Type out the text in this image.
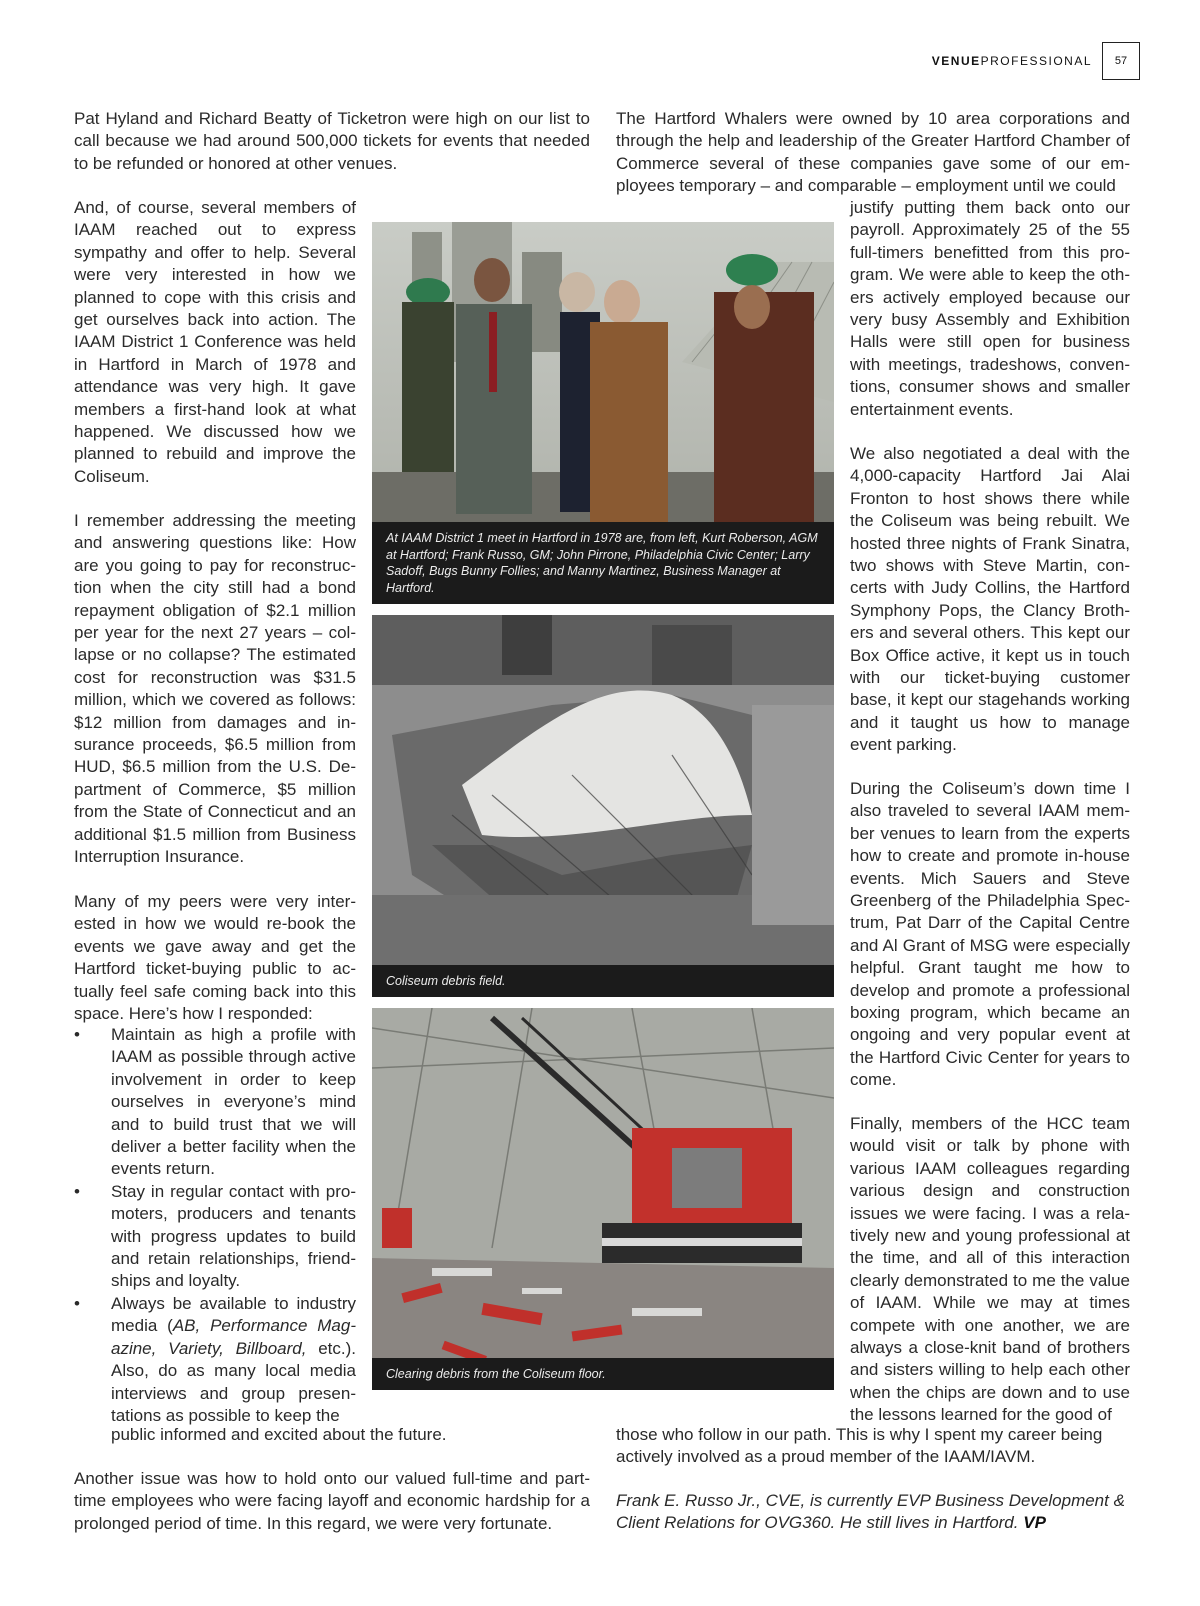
VENUEPROFESSIONAL	57

Pat Hyland and Richard Beatty of Ticketron were high on our list to call because we had around 500,000 tickets for events that needed to be refunded or honored at other venues.

And, of course, several members of IAAM reached out to express sympathy and offer to help. Several were very interested in how we planned to cope with this crisis and get ourselves back into action. The IAAM District 1 Conference was held in Hartford in March of 1978 and attendance was very high. It gave members a first-hand look at what happened. We discussed how we planned to rebuild and improve the Coliseum.

I remember addressing the meeting and answering questions like: How are you going to pay for reconstruction when the city still had a bond repayment obligation of $2.1 million per year for the next 27 years – collapse or no collapse? The estimated cost for reconstruction was $31.5 million, which we covered as follows: $12 million from damages and insurance proceeds, $6.5 million from HUD, $6.5 million from the U.S. Department of Commerce, $5 million from the State of Connecticut and an additional $1.5 million from Business Interruption Insurance.

Many of my peers were very interested in how we would re-book the events we gave away and get the Hartford ticket-buying public to actually feel safe coming back into this space. Here’s how I responded:

• Maintain as high a profile with IAAM as possible through active involvement in order to keep ourselves in everyone’s mind and to build trust that we will deliver a better facility when the events return.
• Stay in regular contact with promoters, producers and tenants with progress updates to build and retain relationships, friendships and loyalty.
• Always be available to industry media (AB, Performance Magazine, Variety, Billboard, etc.). Also, do as many local media interviews and group presentations as possible to keep the

public informed and excited about the future.

Another issue was how to hold onto our valued full-time and part-time employees who were facing layoff and economic hardship for a prolonged period of time. In this regard, we were very fortunate.

The Hartford Whalers were owned by 10 area corporations and through the help and leadership of the Greater Hartford Chamber of Commerce several of these companies gave some of our employees temporary – and comparable – employment until we could

justify putting them back onto our payroll. Approximately 25 of the 55 full-timers benefitted from this program. We were able to keep the others actively employed because our very busy Assembly and Exhibition Halls were still open for business with meetings, tradeshows, conventions, consumer shows and smaller entertainment events.

We also negotiated a deal with the 4,000-capacity Hartford Jai Alai Fronton to host shows there while the Coliseum was being rebuilt. We hosted three nights of Frank Sinatra, two shows with Steve Martin, concerts with Judy Collins, the Hartford Symphony Pops, the Clancy Brothers and several others. This kept our Box Office active, it kept us in touch with our ticket-buying customer base, it kept our stagehands working and it taught us how to manage event parking.

During the Coliseum’s down time I also traveled to several IAAM member venues to learn from the experts how to create and promote in-house events. Mich Sauers and Steve Greenberg of the Philadelphia Spectrum, Pat Darr of the Capital Centre and Al Grant of MSG were especially helpful. Grant taught me how to develop and promote a professional boxing program, which became an ongoing and very popular event at the Hartford Civic Center for years to come.

Finally, members of the HCC team would visit or talk by phone with various IAAM colleagues regarding various design and construction issues we were facing. I was a relatively new and young professional at the time, and all of this interaction clearly demonstrated to me the value of IAAM. While we may at times compete with one another, we are always a close-knit band of brothers and sisters willing to help each other when the chips are down and to use the lessons learned for the good of

those who follow in our path. This is why I spent my career being actively involved as a proud member of the IAAM/IAVM.

Frank E. Russo Jr., CVE, is currently EVP Business Development & Client Relations for OVG360. He still lives in Hartford. VP

At IAAM District 1 meet in Hartford in 1978 are, from left, Kurt Roberson, AGM at Hartford; Frank Russo, GM; John Pirrone, Philadelphia Civic Center; Larry Sadoff, Bugs Bunny Follies; and Manny Martinez, Business Manager at Hartford.
Coliseum debris field.
Clearing debris from the Coliseum floor.
